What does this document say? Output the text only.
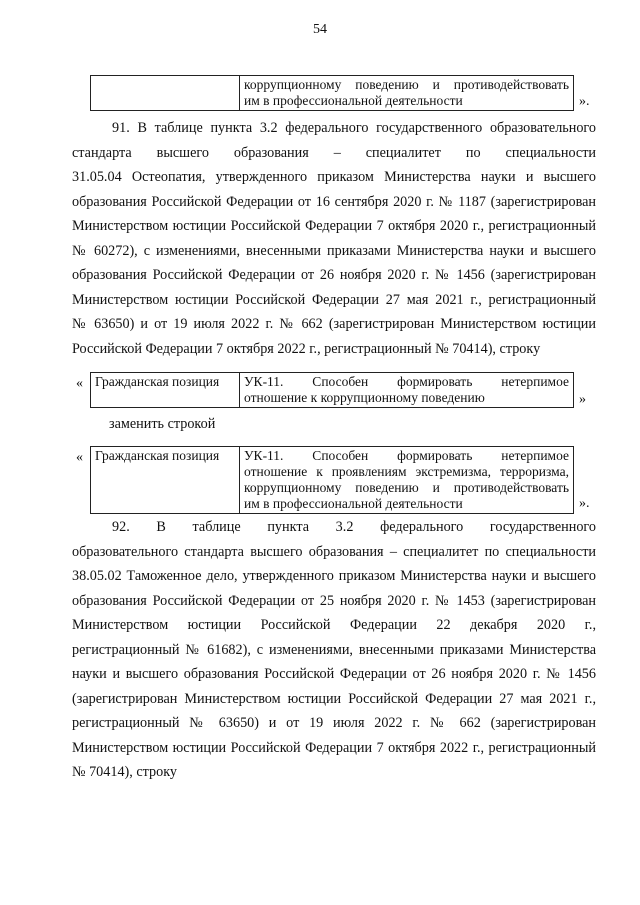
54

коррупционному поведению и противодействовать
им в профессиональной деятельности	».
91. В таблице пункта 3.2 федерального государственного образовательного
стандарта высшего образования – специалитет по специальности
31.05.04 Остеопатия, утвержденного приказом Министерства науки и высшего
образования Российской Федерации от 16 сентября 2020 г. № 1187 (зарегистрирован
Министерством юстиции Российской Федерации 7 октября 2020 г., регистрационный
№ 60272), с изменениями, внесенными приказами Министерства науки и высшего
образования Российской Федерации от 26 ноября 2020 г. № 1456 (зарегистрирован
Министерством юстиции Российской Федерации 27 мая 2021 г., регистрационный
№ 63650) и от 19 июля 2022 г. № 662 (зарегистрирован Министерством юстиции
Российской Федерации 7 октября 2022 г., регистрационный № 70414), строку
« Гражданская позиция	УК-11. Способен формировать нетерпимое
отношение к коррупционному поведению	»
заменить строкой
« Гражданская позиция	УК-11. Способен формировать нетерпимое
отношение к проявлениям экстремизма, терроризма,
коррупционному поведению и противодействовать
им в профессиональной деятельности	».
92. В таблице пункта 3.2 федерального государственного
образовательного стандарта высшего образования – специалитет по специальности
38.05.02 Таможенное дело, утвержденного приказом Министерства науки и высшего
образования Российской Федерации от 25 ноября 2020 г. № 1453 (зарегистрирован
Министерством юстиции Российской Федерации 22 декабря 2020 г.,
регистрационный № 61682), с изменениями, внесенными приказами Министерства
науки и высшего образования Российской Федерации от 26 ноября 2020 г. № 1456
(зарегистрирован Министерством юстиции Российской Федерации 27 мая 2021 г.,
регистрационный № 63650) и от 19 июля 2022 г. № 662 (зарегистрирован
Министерством юстиции Российской Федерации 7 октября 2022 г., регистрационный
№ 70414), строку
